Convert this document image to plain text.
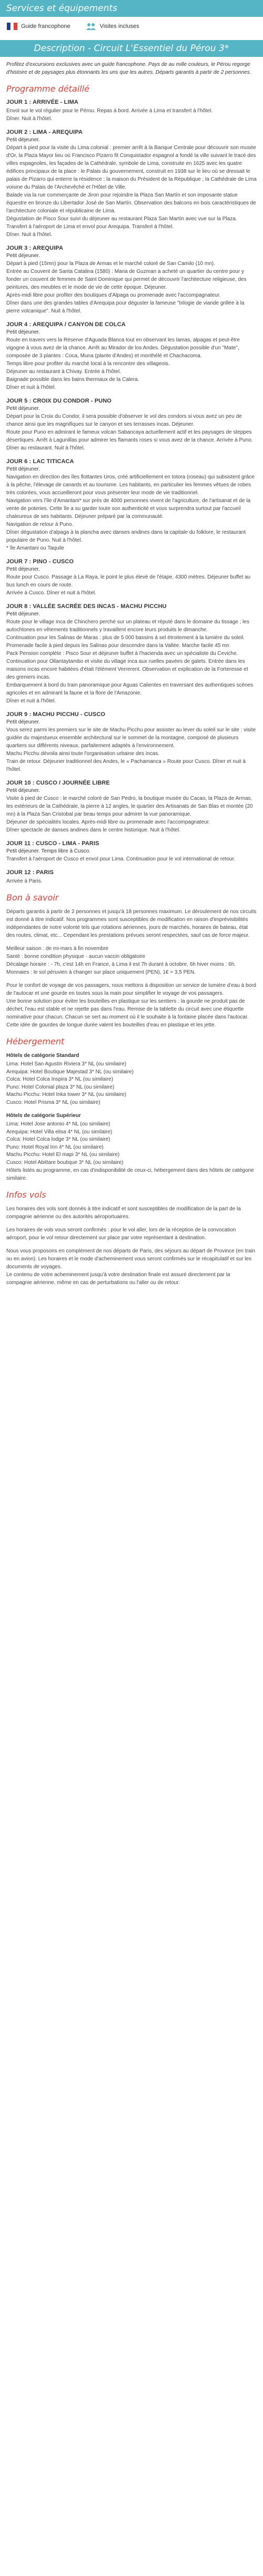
Services et équipements
Guide francophone	Visites incluses
Description - Circuit L'Essentiel du Pérou 3*

Profitez d'excursions exclusives avec un guide francophone. Pays de au mille couleurs, le Pérou regorge d'histoire et de paysages plus étonnants les uns que les autres. Départs garantis à partir de 2 personnes.

Programme détaillé

JOUR 1 : ARRIVÉE - LIMA

Envol sur le vol régulier pour le Pérou. Repas à bord. Arrivée à Lima et transfert à l'hôtel.
Dîner. Nuit à l'hôtel.

JOUR 2 : LIMA - AREQUIPA

Petit déjeuner.

Départ à pied pour la visite du Lima colonial : premier arrêt à la Banque Centrale pour découvrir son musée d'Or, la Plaza Mayor lieu où Francisco Pizarro fit Conquistador espagnol a fondé la ville suivant le tracé des villes espagnoles, les façades de la Cathédrale, symbole de Lima, construite en 1625 avec les quatre édifices principaux de la place : le Palais du gouvernement, construit en 1938 sur le lieu où se dressait le palais de Pizarro qui enterre la résidence ; la maison du Président de la République ; la Cathédrale de Lima voisine du Palais de l'Archevêché et l'Hôtel de Ville.
Balade via la rue commerçante de Jiron pour rejoindre la Plaza San Martín et son imposante statue équestre en bronze du Libertador José de San Martín. Observation des balcons en bois caractéristiques de l'architecture coloniale et républicaine de Lima.
Dégustation de Pisco Sour suivi du déjeuner au restaurant Plaza San Martín avec vue sur la Plaza.
Transfert à l'aéroport de Lima et envol pour Arequipa. Transfert à l'hôtel.
Dîner. Nuit à l'hôtel.

JOUR 3 : AREQUIPA

Petit déjeuner.

Départ à pied (15mn) pour la Plaza de Armas et le marché coloré de San Camilo (10 mn).
Entrée au Couvent de Santa Catalina (1580) : Maria de Guzman a acheté un quartier du centre pour y fonder un couvent de femmes de Saint Dominique qui permet de découvrir l'architecture religieuse, des peintures, des meubles et le mode de vie de cette époque. Déjeuner.
Après-midi libre pour profiter des boutiques d'Alpaga ou promenade avec l'accompagnateur.
Dîner dans une des grandes tables d'Arequipa pour déguster la fameuse "trilogie de viande grillée à la pierre volcanique". Nuit à l'hôtel.

JOUR 4 : AREQUIPA / CANYON DE COLCA

Petit déjeuner.

Route en travers vers la Réserve d'Aguada Blanca tout en observant les lamas, alpagas et peut-être vigogne à vous avez de la chance. Arrêt au Mirador de los Andes. Dégustation possible d'un "Mate", composée de 3 plantes : Coca, Muna (plante d'Andes) et monthélé et Chachacoma.
Temps libre pour profiter du marché local à la rencontre des villageois.
Déjeuner au restaurant à Chivay. Entrée à l'hôtel.
Baignade possible dans les bains thermaux de la Calera.
Dîner et nuit à l'hôtel.

JOUR 5 : CROIX DU CONDOR - PUNO

Petit déjeuner.

Départ pour la Croix du Condor, il sera possible d'observer le vol des condors si vous avez un peu de chance ainsi que les magnifiques sur le canyon et ses terrasses incas. Déjeuner.
Route pour Puno en admirant le fameux volcan Sabancaya actuellement actif et les paysages de steppes désertiques. Arrêt à Lagunillas pour admirer les flamants roses si vous avez de la chance. Arrivée à Puno.
Dîner au restaurant. Nuit à l'hôtel.

JOUR 6 : LAC TITICACA

Petit déjeuner.

Navigation en direction des îles flottantes Uros, créé artificiellement en totora (roseau) qui subsistent grâce à la pêche, l'élevage de canards et au tourisme. Les habitants, en particulier les femmes vêtues de robes très colorées, vous accueilleront pour vous présenter leur mode de vie traditionnel.
Navigation vers l'île d'Amantani* sur près de 4000 personnes vivent de l'agriculture, de l'artisanat et de la vente de poteries. Cette île a su garder toute son authenticité et vous surprendra surtout par l'accueil chaleureux de ses habitants. Déjeuner préparé par la communauté.
Navigation de retour à Puno.
Dîner dégustation d'alpaga à la plancha avec danses andines dans la capitale du folklore, le restaurant populaire de Puno. Nuit à l'hôtel.
* île Amantani ou Taquile

JOUR 7 : PINO - CUSCO

Petit déjeuner.

Route pour Cusco. Passage à La Raya, le point le plus élevé de l'étape, 4300 mètres. Déjeuner buffet au bus lunch en cours de route.
Arrivée à Cusco. Dîner et nuit à l'hôtel.

JOUR 8 : VALLÉE SACRÉE DES INCAS - MACHU PICCHU

Petit déjeuner.

Route pour le village inca de Chinchero perché sur un plateau et réputé dans le domaine du tissage ; les autochtones en vêtements traditionnels y travaillent encore leurs produits le dimanche.
Continuation pour les Salinas de Maras : plus de 5 000 bassins à sel étroitement à la lumière du soleil. Promenade facile à pied depuis les Salinas pour descendre dans la Vallée. Marche facile 45 mn
Pack Pension complète : Pisco Sour et déjeuner buffet à l'hacienda avec un spécialiste du Ceviche.
Continuation pour Ollantaytambo et visite du village inca aux ruelles pavées de galets. Entrée dans les maisons incas encore habitées d'était l'élément Verrerent. Observation et explication de la Forteresse et des greniers incas.
Embarquement à bord du train panoramique pour Aguas Calientes en traversant des authentiques scènes agricoles et en admirant la faune et la flore de l'Amazonie.
Dîner et nuit à l'hôtel.

JOUR 9 : MACHU PICCHU - CUSCO

Petit déjeuner.

Vous serez parmi les premiers sur le site de Machu Picchu pour assister au lever du soleil sur le site : visite guidée du majestueux ensemble architectural sur le sommet de la montagne, composé de plusieurs quartiers sur différents niveaux, parfaitement adaptés à l'environnement.
Machu Picchu dévoila ainsi toute l'organisation urbaine des incas.
Train de retour. Déjeuner traditionnel des Andes, le « Pachamanca » Route pour Cusco. Dîner et nuit à l'hôtel.

JOUR 10 : CUSCO / JOURNÉE LIBRE

Petit déjeuner.

Visite à pied de Cusco : le marché coloré de San Pedro, la boutique musée du Cacao, la Plaza de Armas, les extérieurs de la Cathédrale, la pierre à 12 angles, le quartier des Artisanats de San Blas et montée (20 mn) à la Plaza San Cristobal par beau temps pour admirer la vue panoramique.
Déjeuner de spécialités locales. Après-midi libre ou promenade avec l'accompagnateur.
Dîner spectacle de danses andines dans le centre historique. Nuit à l'hôtel.

JOUR 11 : CUSCO - LIMA - PARIS

Petit déjeuner. Temps libre à Cusco.

Transfert à l'aéroport de Cusco et envol pour Lima. Continuation pour le vol international de retour.

JOUR 12 : PARIS

Arrivée à Paris.

Bon à savoir

Départs garantis à partir de 2 personnes et jusqu'à 18 personnes maximum. Le déroulement de nos circuits est donné à titre indicatif. Nos programmes sont susceptibles de modification en raison d'imprévisibilités indépendantes de notre volonté tels que rotations aériennes, jours de marchés, horaires de bateau, état des routes, climat, etc... Cependant les prestations prévues seront respectées, sauf cas de force majeur.

Meilleur saison : de mi-mars à fin novembre
Santé : bonne condition physique - aucun vaccin obligatoire
Décalage horaire : - 7h, c'est 14h en France, à Lima il est 7h durant à octobre, 6h hiver moins : 6h.
Monnaies : le sol péruvien à changer sur place uniquement (PEN), 1€ = 3,5 PEN.

Pour le confort de voyage de vos passagers, nous mettons à disposition un service de lumière d'eau à bord de l'autocar et une gourde en toutes sous la main pour simplifier le voyage de vos passagers.
Une bonne solution pour éviter les bouteilles en plastique sur les sentiers : la gourde ne produit pas de déchet, l'eau est stable et ne rejette pas dans l'eau. Remise de la tablette du circuit avec une étiquette nominative pour chacun. Chacun se sert au moment où il le souhaite à la fontaine placée dans l'autocar. Cette idée de gourdes de longue durée valent les bouteilles d'eau en plastique et les jette.

Hébergement

Hôtels de catégorie Standard

Lima: Hotel San Agustin Riviera 3* NL (ou similaire)
Arequipa: Hotel Boutique Majestad 3* NL (ou similaire)
Colca: Hotel Colca Inspira 3* NL (ou similaire)
Puno: Hotel Colonial plaza 3* NL (ou similaire)
Machu Picchu: Hotel Inka tower 3* NL (ou similaire)
Cusco: Hotel Prisma 3* NL (ou similaire)

Hôtels de catégorie Supérieur

Lima: Hotel Jose antonio 4* NL (ou similaire)
Arequipa: Hotel Villa elisa 4* NL (ou similaire)
Colca: Hotel Colca lodge 3* NL (ou similaire)
Puno: Hotel Royal Inn 4* NL (ou similaire)
Machu Picchu: Hotel El mapi 3* NL (ou similaire)
Cusco: Hotel Abittare boutique 3* NL (ou similaire)

Hôtels listés au programme, en cas d'indisponibilité de ceux-ci, hébergement dans des hôtels de catégorie similaire.

Infos vols

Les horaires des vols sont donnés à titre indicatif et sont susceptibles de modification de la part de la compagnie aérienne ou des autorités aéroportuaires.

Les horaires de vols vous seront confirmés : pour le vol aller, lors de la réception de la convocation aéroport, pour le vol retour directement sur place par votre représentant à destination.

Nous vous proposons en complément de nos départs de Paris, des séjours au départ de Province (en train ou en avion). Les horaires et le mode d'acheminement vous seront confirmés sur le récapitulatif et sur les documents de voyages.
Le contenu de votre acheminement jusqu'à votre destination finale est assuré directement par la compagnie aérienne, même en cas de perturbations ou l'aller ou de retour.
